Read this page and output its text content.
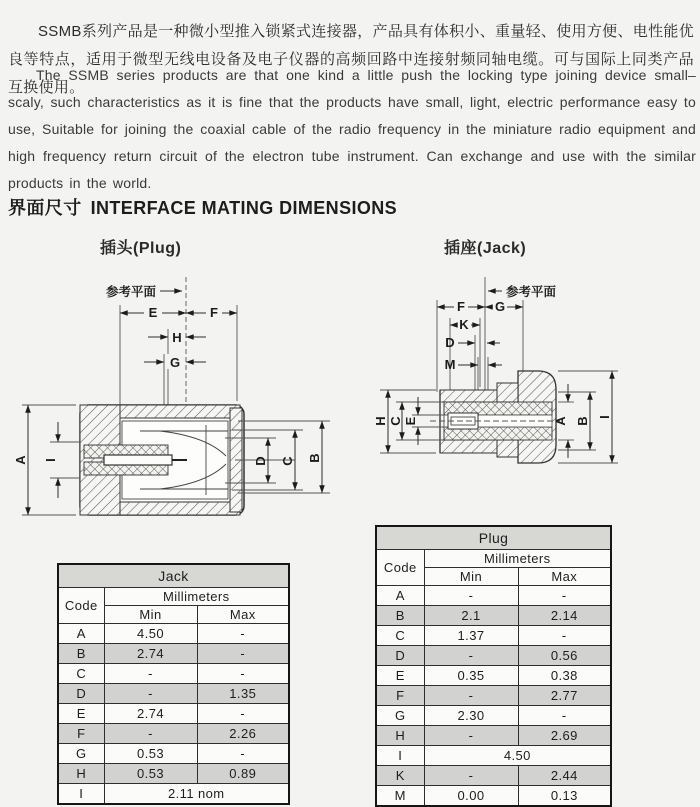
SSMB系列产品是一种微小型推入锁紧式连接器，产品具有体积小、重量轻、使用方便、电性能优良等特点，适用于微型无线电设备及电子仪器的高频回路中连接射频同轴电缆。可与国际上同类产品互换使用。
The SSMB series products are that one kind a little push the locking type joining device small– scaly, such characteristics as it is fine that the products have small, light, electric performance easy to use, Suitable for joining the coaxial cable of the radio frequency in the miniature radio equipment and high frequency return circuit of the electron tube instrument. Can exchange and use with the similar products in the world.
界面尺寸 INTERFACE MATING DIMENSIONS
插头(Plug)	插座(Jack)
参考平面
E	F
H
G
A I	D C B
参考平面
F G
K
D
M
H C E	A B I
Jack		
Code	Millimeters	
	Min	Max
A	4.50	-
B	2.74	-
C	-	-
D	-	1.35
E	2.74	-
F	-	2.26
G	0.53	-
H	0.53	0.89
I	2.11 nom	
Plug		
Code	Millimeters	
	Min	Max
A	-	-
B	2.1	2.14
C	1.37	-
D	-	0.56
E	0.35	0.38
F	-	2.77
G	2.30	-
H	-	2.69
I	4.50	
K	-	2.44
M	0.00	0.13
